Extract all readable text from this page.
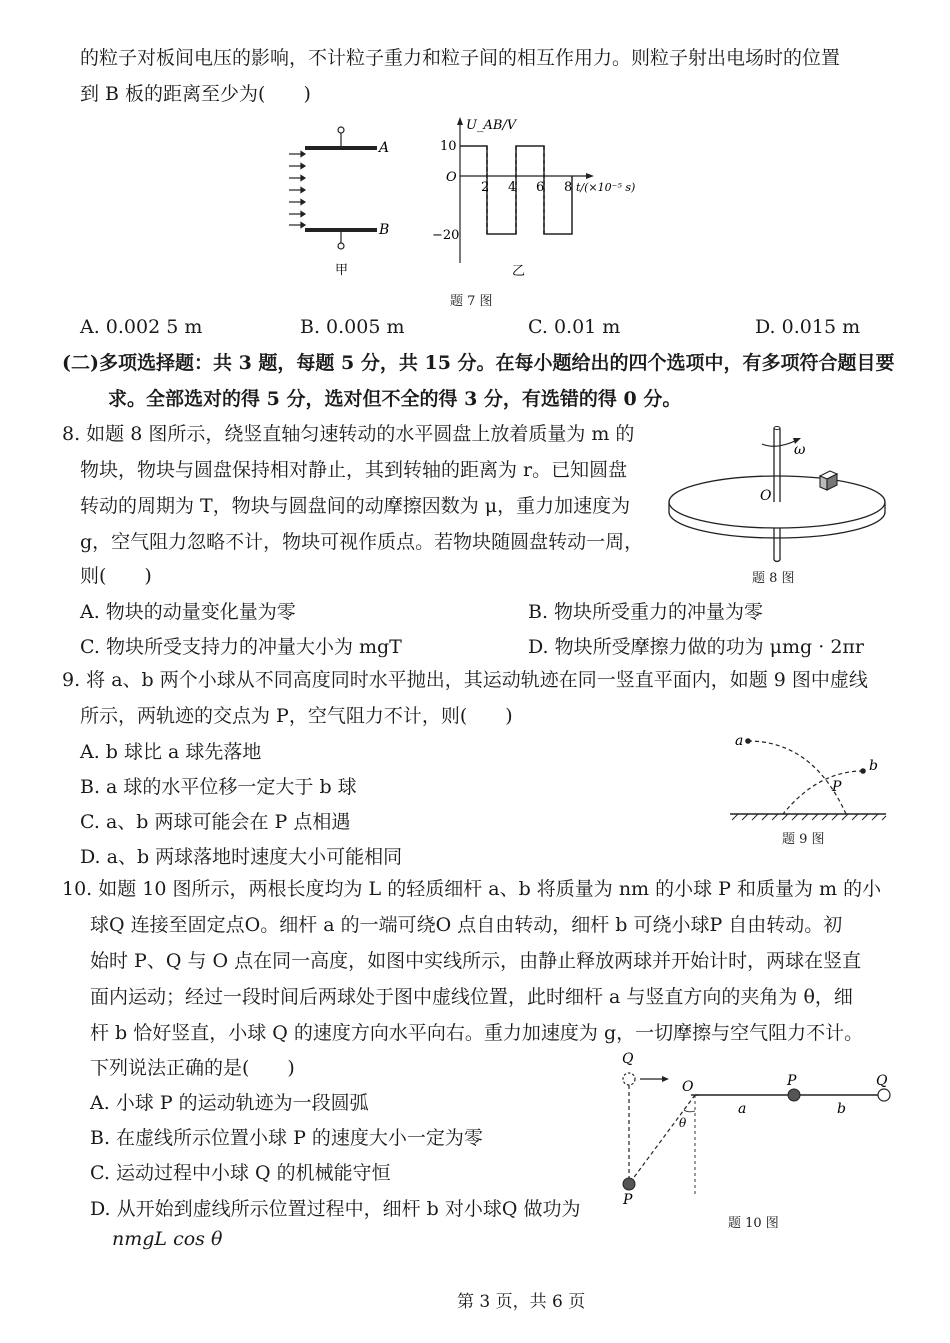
的粒子对板间电压的影响，不计粒子重力和粒子间的相互作用力。则粒子射出电场时的位置
到 B 板的距离至少为(　　)
A
B
甲
U_AB/V
10
O
−20
2 4 6 8 t/(×10⁻⁵ s)
乙
题 7 图
A. 0.002 5 m	B. 0.005 m	C. 0.01 m	D. 0.015 m
(二)多项选择题：共 3 题，每题 5 分，共 15 分。在每小题给出的四个选项中，有多项符合题目要
求。全部选对的得 5 分，选对但不全的得 3 分，有选错的得 0 分。
8. 如题 8 图所示，绕竖直轴匀速转动的水平圆盘上放着质量为 m 的
物块，物块与圆盘保持相对静止，其到转轴的距离为 r。已知圆盘
转动的周期为 T，物块与圆盘间的动摩擦因数为 μ，重力加速度为
g，空气阻力忽略不计，物块可视作质点。若物块随圆盘转动一周，
则(　　)
ω
O
题 8 图
A. 物块的动量变化量为零	B. 物块所受重力的冲量为零
C. 物块所受支持力的冲量大小为 mgT	D. 物块所受摩擦力做的功为 μmg · 2πr
9. 将 a、b 两个小球从不同高度同时水平抛出，其运动轨迹在同一竖直平面内，如题 9 图中虚线
所示，两轨迹的交点为 P，空气阻力不计，则(　　)
A. b 球比 a 球先落地
B. a 球的水平位移一定大于 b 球
C. a、b 两球可能会在 P 点相遇
D. a、b 两球落地时速度大小可能相同
a
b
P
题 9 图
10. 如题 10 图所示，两根长度均为 L 的轻质细杆 a、b 将质量为 nm 的小球 P 和质量为 m 的小
球Q 连接至固定点O。细杆 a 的一端可绕O 点自由转动，细杆 b 可绕小球P 自由转动。初
始时 P、Q 与 O 点在同一高度，如图中实线所示，由静止释放两球并开始计时，两球在竖直
面内运动；经过一段时间后两球处于图中虚线位置，此时细杆 a 与竖直方向的夹角为 θ，细
杆 b 恰好竖直，小球 Q 的速度方向水平向右。重力加速度为 g，一切摩擦与空气阻力不计。
下列说法正确的是(　　)
A. 小球 P 的运动轨迹为一段圆弧
B. 在虚线所示位置小球 P 的速度大小一定为零
C. 运动过程中小球 Q 的机械能守恒
D. 从开始到虚线所示位置过程中，细杆 b 对小球Q 做功为
nmgL cos θ
Q
O	P	Q
a	b
θ
P
题 10 图
第 3 页，共 6 页
